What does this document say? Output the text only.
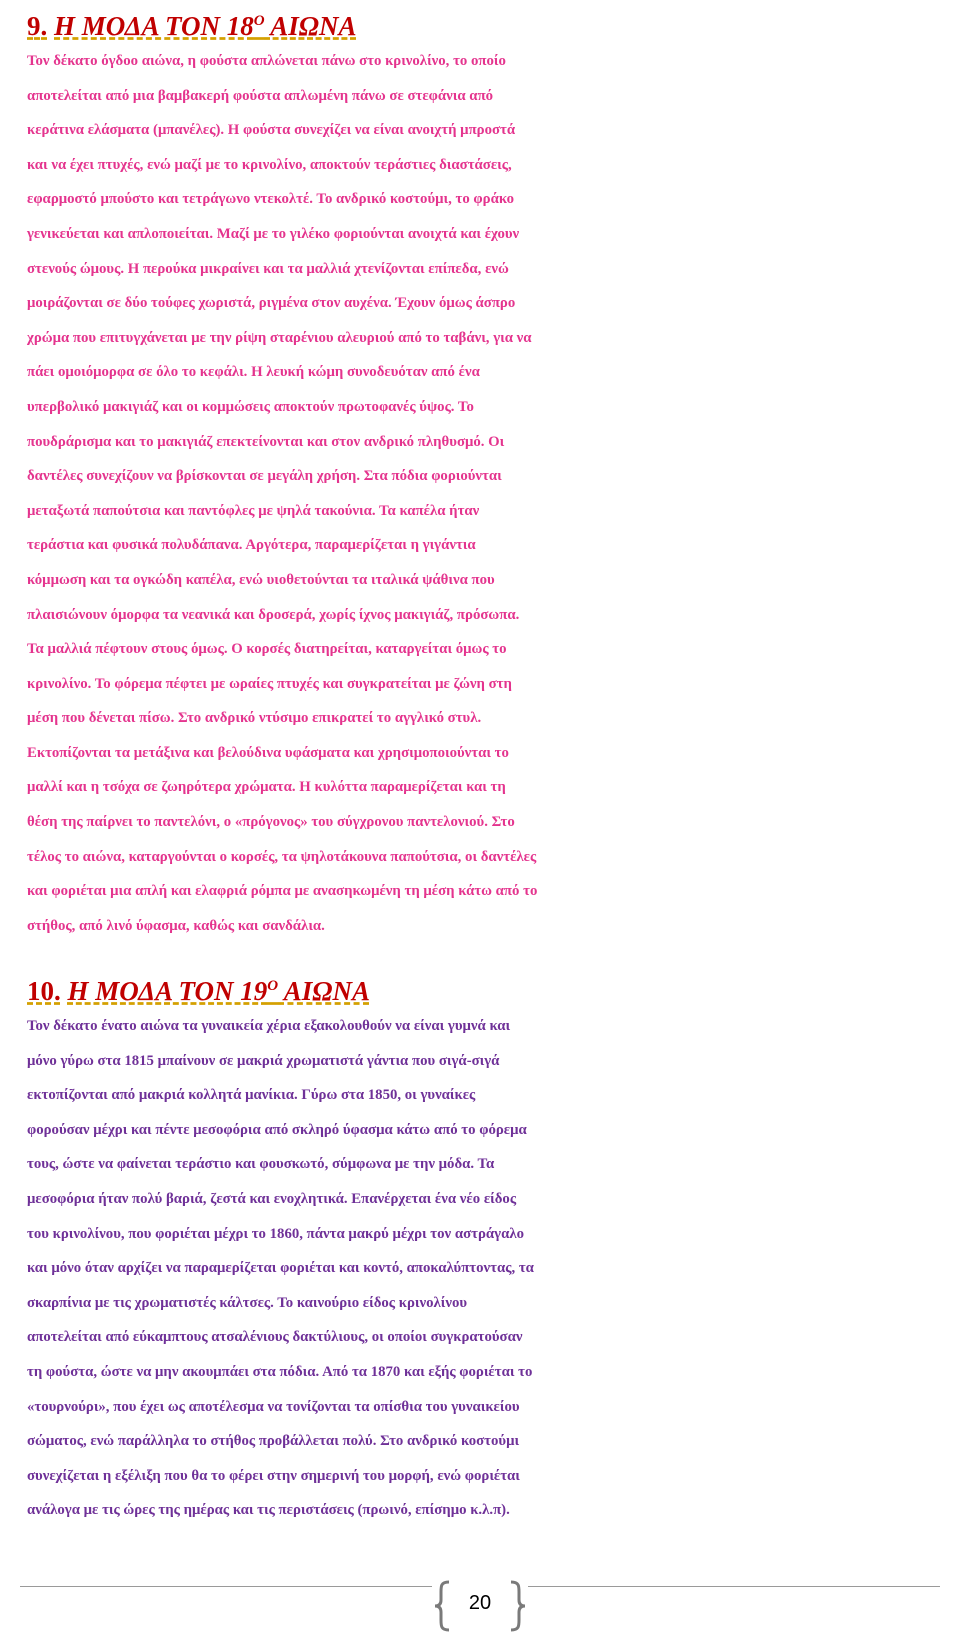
9. Η ΜΟΔΑ ΤΟΝ $18^O$ ΑΙΩΝΑ

Τον δέκατο όγδοο αιώνα, η φούστα απλώνεται πάνω στο κρινολίνο, το οποίο
αποτελείται από μια βαμβακερή φούστα απλωμένη πάνω σε στεφάνια από
κεράτινα ελάσματα (μπανέλες). Η φούστα συνεχίζει να είναι ανοιχτή μπροστά
και να έχει πτυχές, ενώ μαζί με το κρινολίνο, αποκτούν τεράστιες διαστάσεις,
εφαρμοστό μπούστο και τετράγωνο ντεκολτέ. Το ανδρικό κοστούμι, το φράκο
γενικεύεται και απλοποιείται. Μαζί με το γιλέκο φοριούνται ανοιχτά και έχουν
στενούς ώμους. Η περούκα μικραίνει και τα μαλλιά χτενίζονται επίπεδα, ενώ
μοιράζονται σε δύο τούφες χωριστά, ριγμένα στον αυχένα. Έχουν όμως άσπρο
χρώμα που επιτυγχάνεται με την ρίψη σταρένιου αλευριού από το ταβάνι, για να
πάει ομοιόμορφα σε όλο το κεφάλι. Η λευκή κώμη συνοδευόταν από ένα
υπερβολικό μακιγιάζ και οι κομμώσεις αποκτούν πρωτοφανές ύψος. Το
πουδράρισμα και το μακιγιάζ επεκτείνονται και στον ανδρικό πληθυσμό. Οι
δαντέλες συνεχίζουν να βρίσκονται σε μεγάλη χρήση. Στα πόδια φοριούνται
μεταξωτά παπούτσια και παντόφλες με ψηλά τακούνια. Τα καπέλα ήταν
τεράστια και φυσικά πολυδάπανα. Αργότερα, παραμερίζεται η γιγάντια
κόμμωση και τα ογκώδη καπέλα, ενώ υιοθετούνται τα ιταλικά ψάθινα που
πλαισιώνουν όμορφα τα νεανικά και δροσερά, χωρίς ίχνος μακιγιάζ, πρόσωπα.
Τα μαλλιά πέφτουν στους όμως. Ο κορσές διατηρείται, καταργείται όμως το
κρινολίνο. Το φόρεμα πέφτει με ωραίες πτυχές και συγκρατείται με ζώνη στη
μέση που δένεται πίσω. Στο ανδρικό ντύσιμο επικρατεί το αγγλικό στυλ.
Εκτοπίζονται τα μετάξινα και βελούδινα υφάσματα και χρησιμοποιούνται το
μαλλί και η τσόχα σε ζωηρότερα χρώματα. Η κυλόττα παραμερίζεται και τη
θέση της παίρνει το παντελόνι, ο «πρόγονος» του σύγχρονου παντελονιού. Στο
τέλος το αιώνα, καταργούνται ο κορσές, τα ψηλοτάκουνα παπούτσια, οι δαντέλες
και φοριέται μια απλή και ελαφριά ρόμπα με ανασηκωμένη τη μέση κάτω από το
στήθος, από λινό ύφασμα, καθώς και σανδάλια.

10. Η ΜΟΔΑ ΤΟΝ $19^O$ ΑΙΩΝΑ

Τον δέκατο ένατο αιώνα τα γυναικεία χέρια εξακολουθούν να είναι γυμνά και
μόνο γύρω στα 1815 μπαίνουν σε μακριά χρωματιστά γάντια που σιγά-σιγά
εκτοπίζονται από μακριά κολλητά μανίκια. Γύρω στα 1850, οι γυναίκες
φορούσαν μέχρι και πέντε μεσοφόρια από σκληρό ύφασμα κάτω από το φόρεμα
τους, ώστε να φαίνεται τεράστιο και φουσκωτό, σύμφωνα με την μόδα. Τα
μεσοφόρια ήταν πολύ βαριά, ζεστά και ενοχλητικά. Επανέρχεται ένα νέο είδος
του κρινολίνου, που φοριέται μέχρι το 1860, πάντα μακρύ μέχρι τον αστράγαλο
και μόνο όταν αρχίζει να παραμερίζεται φοριέται και κοντό, αποκαλύπτοντας, τα
σκαρπίνια με τις χρωματιστές κάλτσες. Το καινούριο είδος κρινολίνου
αποτελείται από εύκαμπτους ατσαλένιους δακτύλιους, οι οποίοι συγκρατούσαν
τη φούστα, ώστε να μην ακουμπάει στα πόδια. Από τα 1870 και εξής φοριέται το
«τουρνούρι», που έχει ως αποτέλεσμα να τονίζονται τα οπίσθια του γυναικείου
σώματος, ενώ παράλληλα το στήθος προβάλλεται πολύ. Στο ανδρικό κοστούμι
συνεχίζεται η εξέλιξη που θα το φέρει στην σημερινή του μορφή, ενώ φοριέται
ανάλογα με τις ώρες της ημέρας και τις περιστάσεις (πρωινό, επίσημο κ.λ.π).

20
